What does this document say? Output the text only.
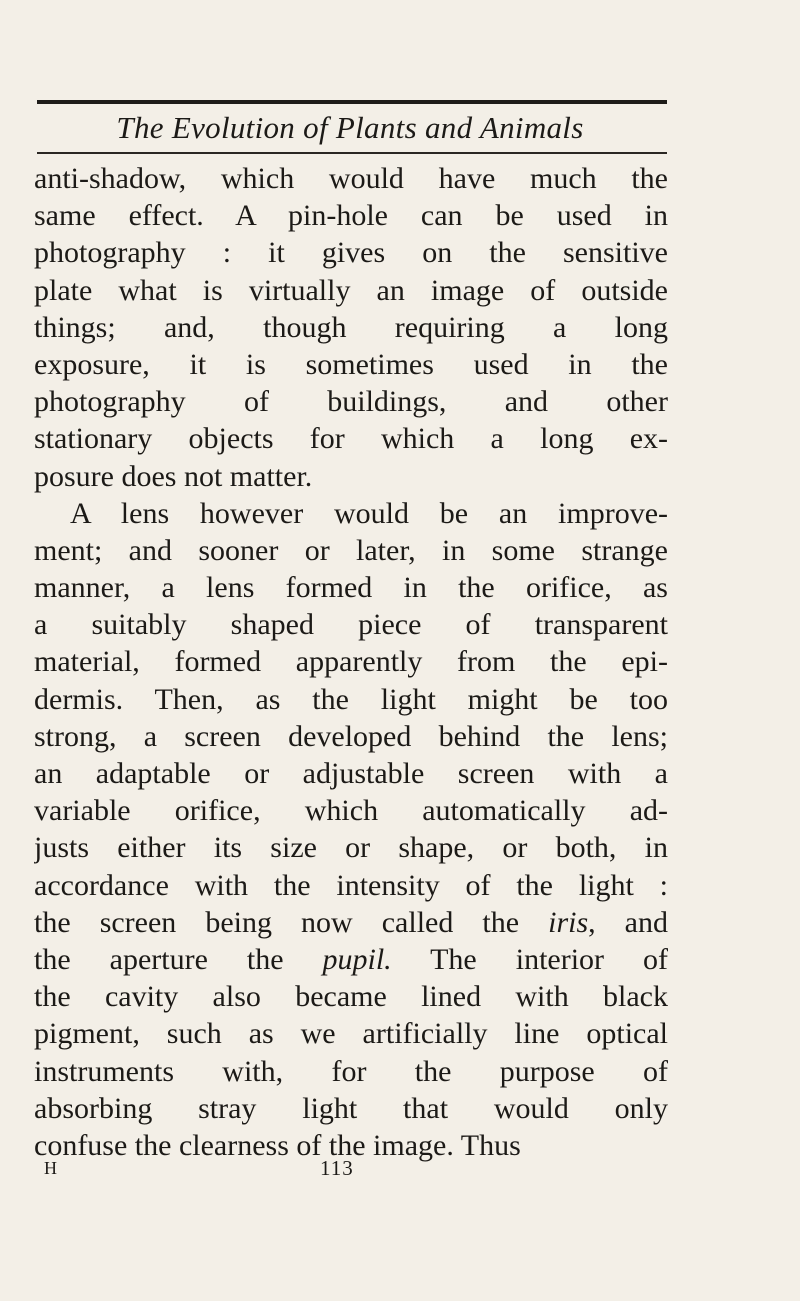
The Evolution of Plants and Animals
anti-shadow, which would have much the
same effect. A pin-hole can be used in
photography : it gives on the sensitive
plate what is virtually an image of outside
things; and, though requiring a long
exposure, it is sometimes used in the
photography of buildings, and other
stationary objects for which a long ex-
posure does not matter.
A lens however would be an improve-
ment; and sooner or later, in some strange
manner, a lens formed in the orifice, as
a suitably shaped piece of transparent
material, formed apparently from the epi-
dermis. Then, as the light might be too
strong, a screen developed behind the lens;
an adaptable or adjustable screen with a
variable orifice, which automatically ad-
justs either its size or shape, or both, in
accordance with the intensity of the light :
the screen being now called the iris, and
the aperture the pupil. The interior of
the cavity also became lined with black
pigment, such as we artificially line optical
instruments with, for the purpose of
absorbing stray light that would only
confuse the clearness of the image. Thus
H	113
